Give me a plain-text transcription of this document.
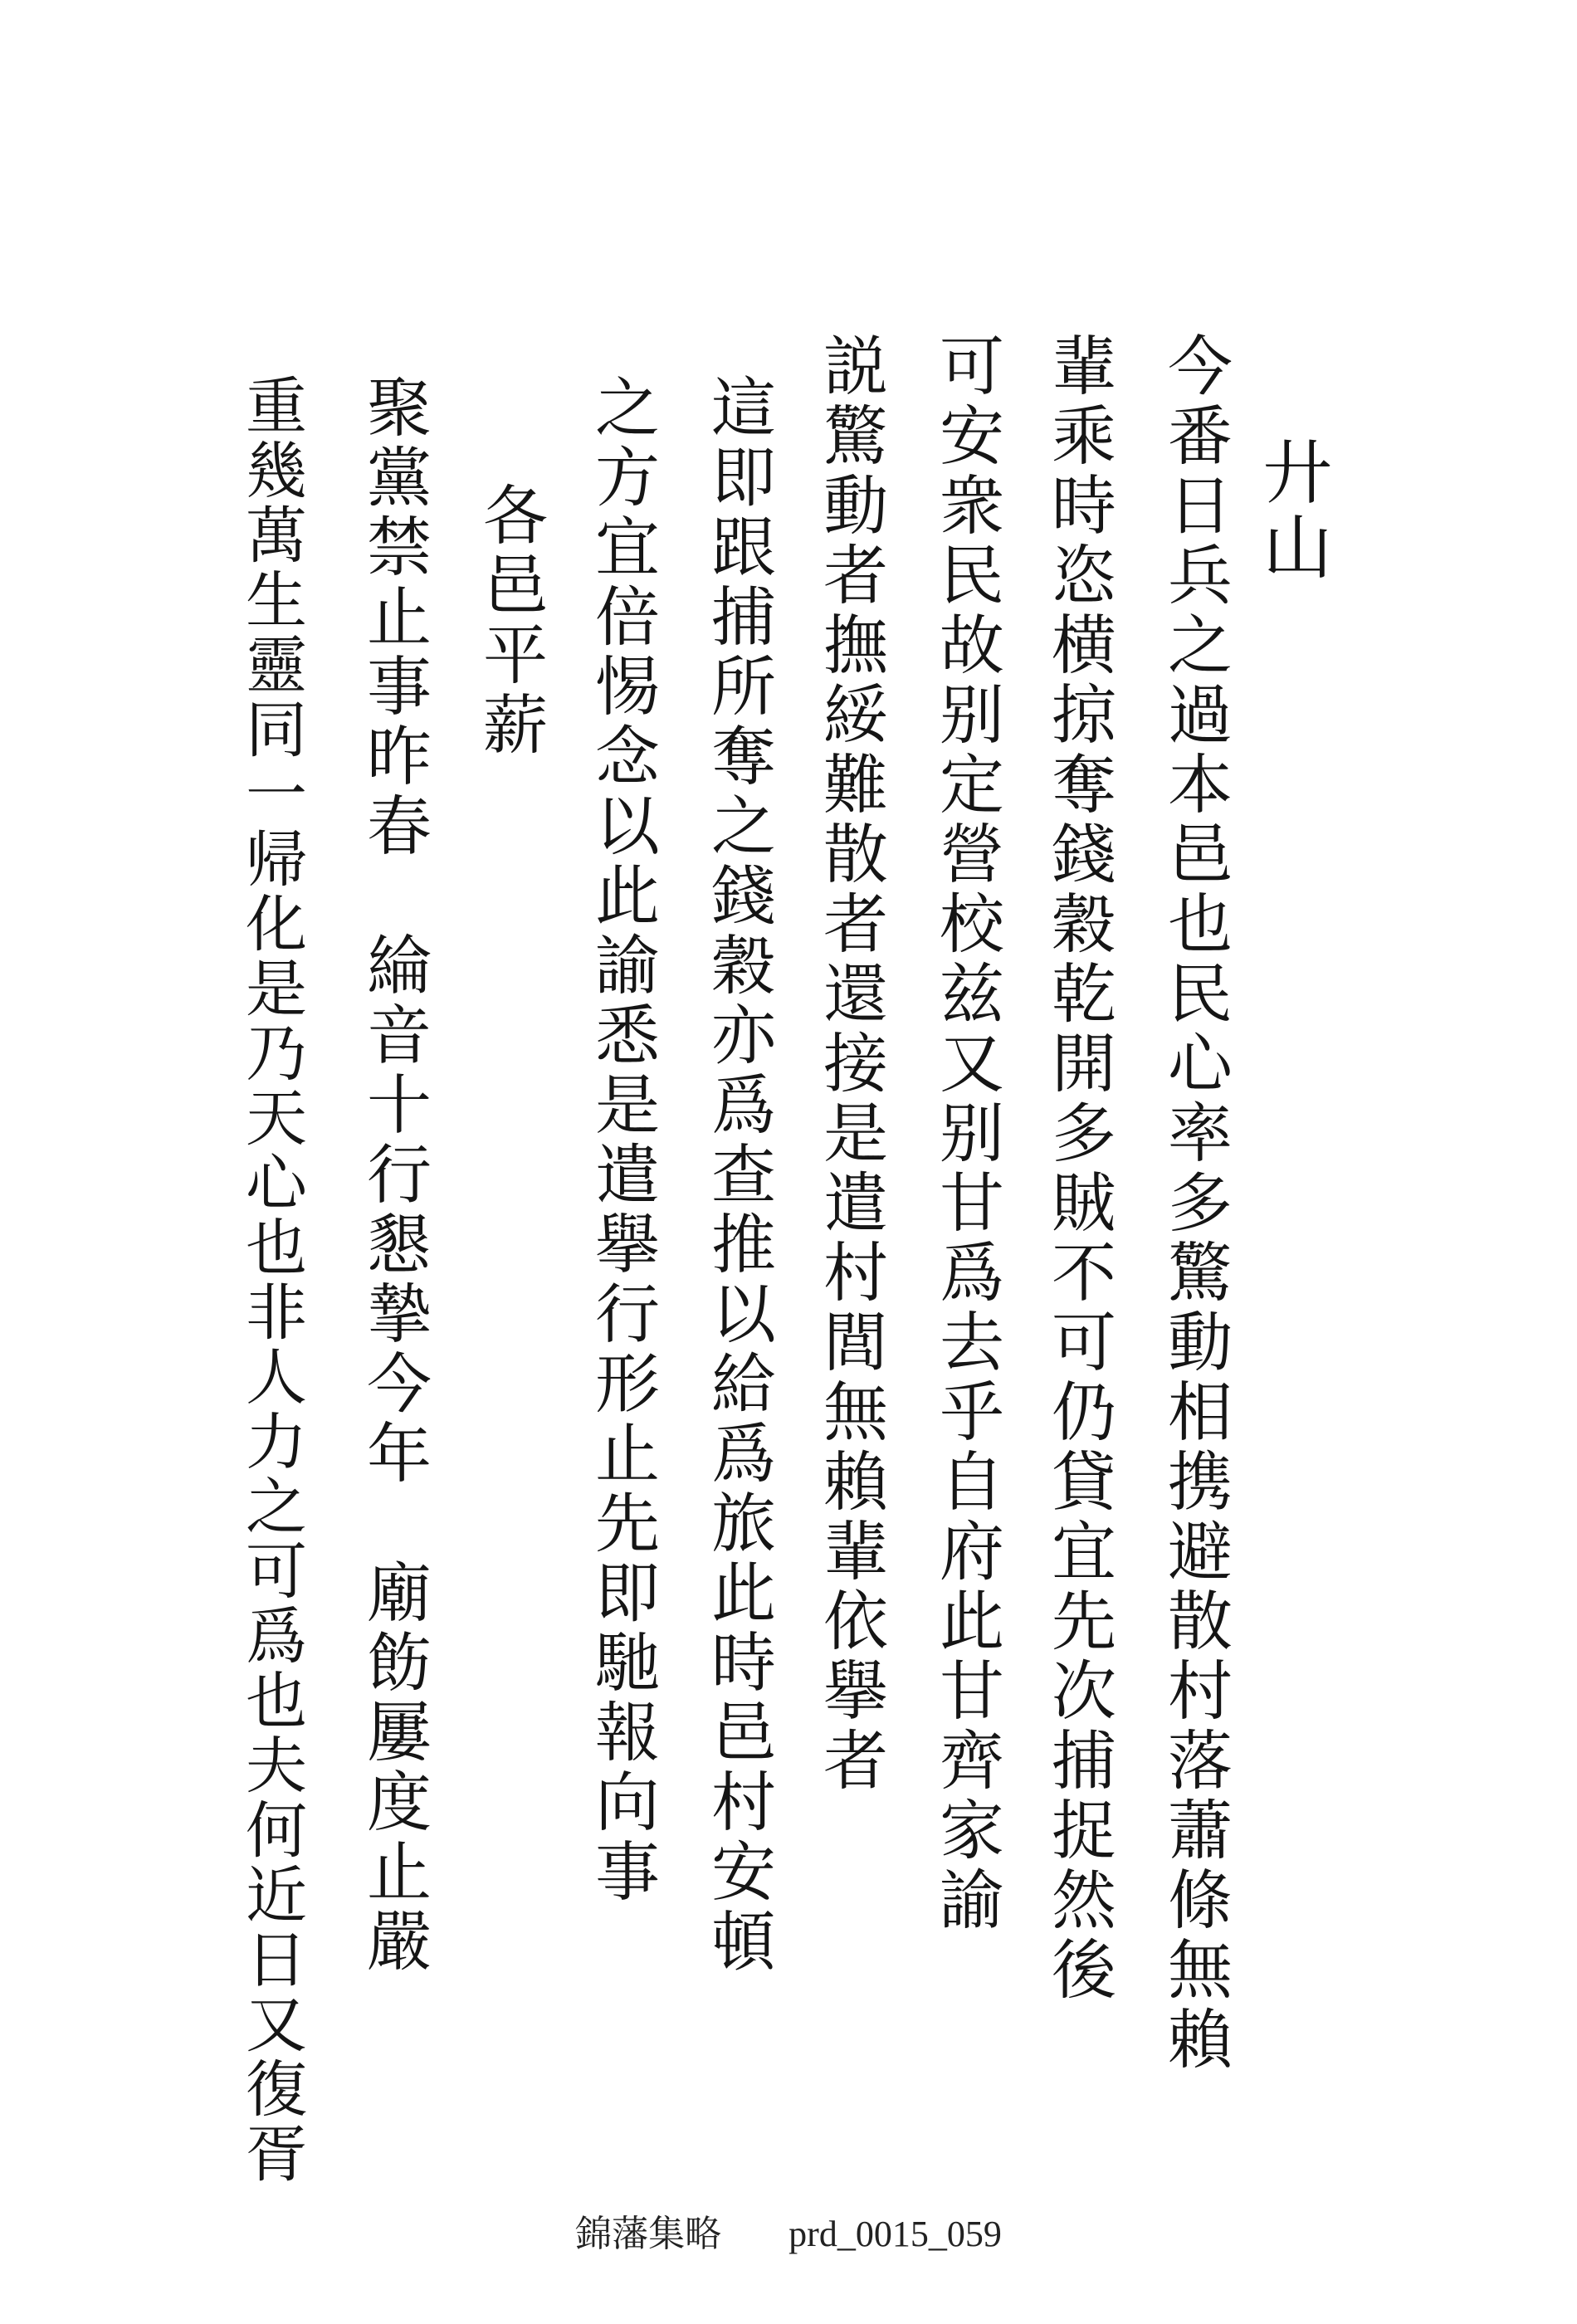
廾山
今番日兵之過本邑也民心率多驚動相携避散村落蕭條無賴
輩乘時恣横掠奪錢穀乾開多賊不可仍貸宜先次捕捉然後
可安衆民故别定營校兹又别甘爲去乎自府此甘齊家諭
説驚動者撫綏難散者還接是遣村閭無賴輩依擧者
這即跟捕所奪之錢穀亦爲查推以給爲旅此時邑村安頓
之方宜倍惕念以此諭悉是遣擧行形止先即馳報向事
各邑平薪
聚黨禁止事昨春　綸音十行懇摯今年　廟飭屢度止嚴
重幾萬生靈同一帰化是乃天心也非人力之可爲也夫何近日又復胥
錦藩集略 prd_0015_059
